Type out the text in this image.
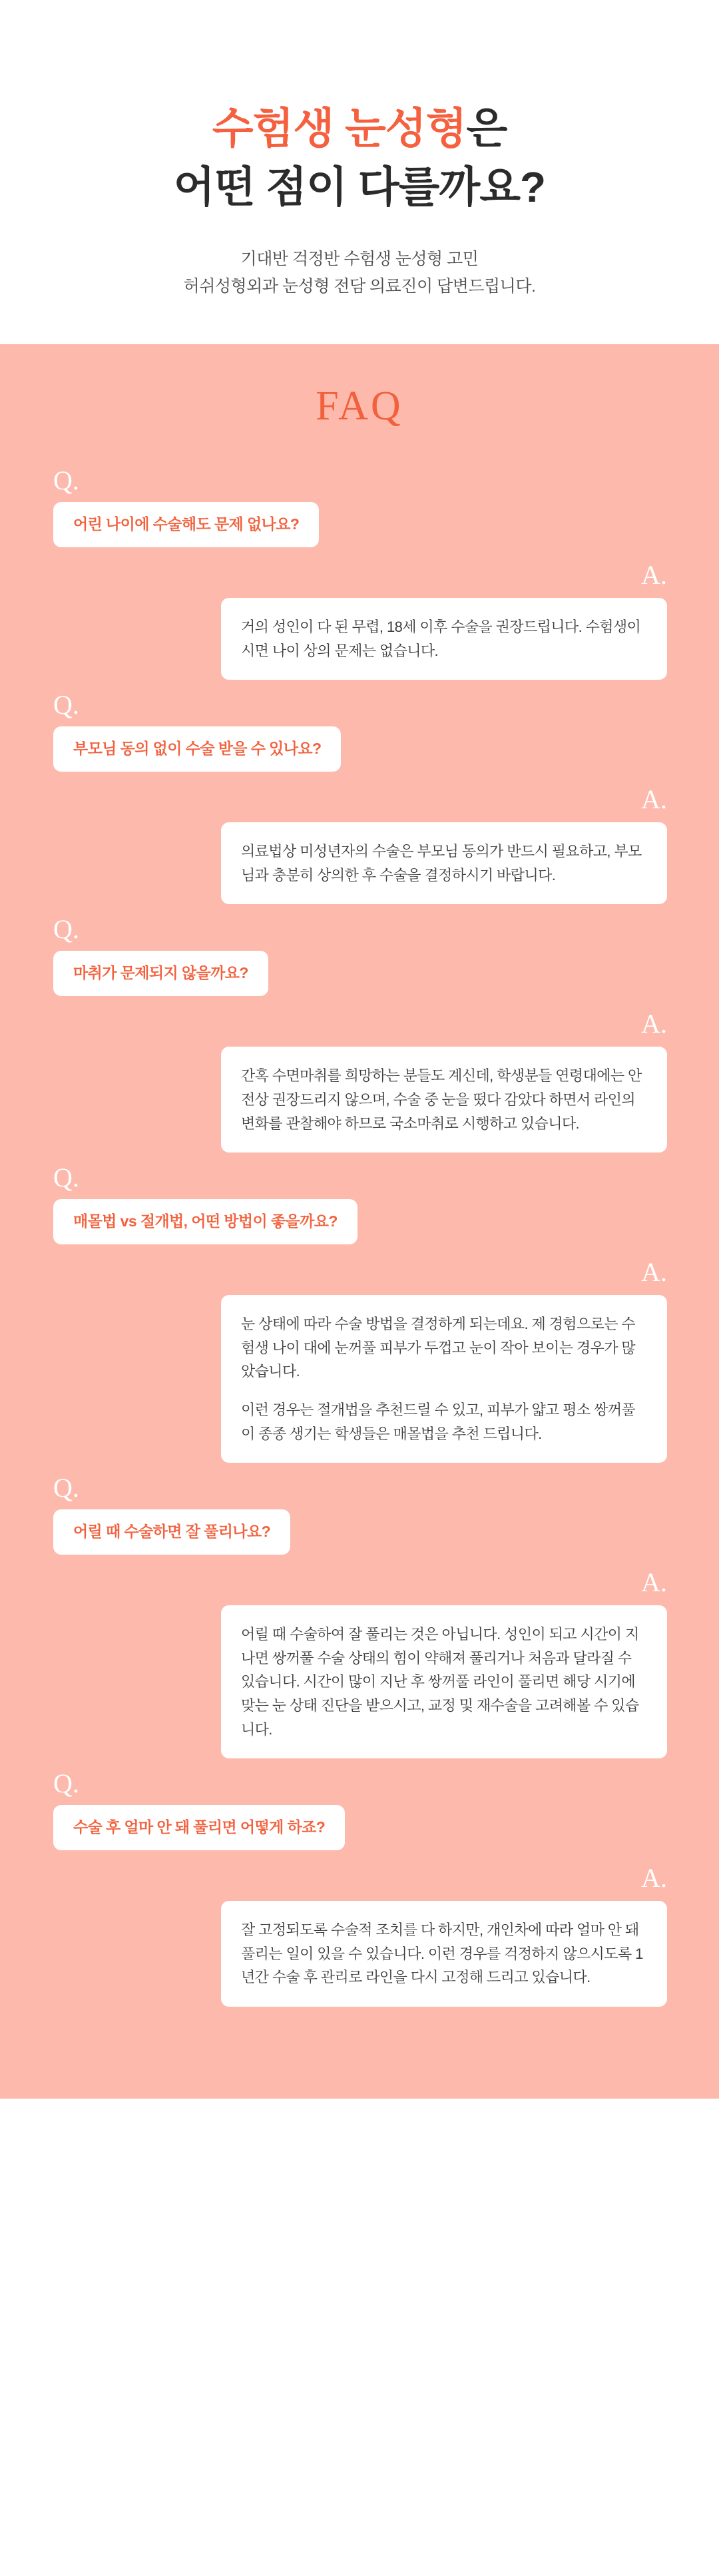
수험생 눈성형은
어떤 점이 다를까요?
기대반 걱정반 수험생 눈성형 고민
허쉬성형외과 눈성형 전담 의료진이 답변드립니다.
FAQ
Q.
어린 나이에 수술해도 문제 없나요?
A.

거의 성인이 다 된 무렵, 18세 이후 수술을 권장드립니다. 수험생이시면 나이 상의 문제는 없습니다.

Q.
부모님 동의 없이 수술 받을 수 있나요?
A.

의료법상 미성년자의 수술은 부모님 동의가 반드시 필요하고, 부모님과 충분히 상의한 후 수술을 결정하시기 바랍니다.

Q.
마취가 문제되지 않을까요?
A.

간혹 수면마취를 희망하는 분들도 계신데, 학생분들 연령대에는 안전상 권장드리지 않으며, 수술 중 눈을 떴다 감았다 하면서 라인의 변화를 관찰해야 하므로 국소마취로 시행하고 있습니다.

Q.
매몰법 vs 절개법, 어떤 방법이 좋을까요?
A.

눈 상태에 따라 수술 방법을 결정하게 되는데요. 제 경험으로는 수험생 나이 대에 눈꺼풀 피부가 두껍고 눈이 작아 보이는 경우가 많았습니다.

이런 경우는 절개법을 추천드릴 수 있고, 피부가 얇고 평소 쌍꺼풀이 종종 생기는 학생들은 매몰법을 추천 드립니다.

Q.
어릴 때 수술하면 잘 풀리나요?
A.

어릴 때 수술하여 잘 풀리는 것은 아닙니다. 성인이 되고 시간이 지나면 쌍꺼풀 수술 상태의 힘이 약해져 풀리거나 처음과 달라질 수 있습니다. 시간이 많이 지난 후 쌍꺼풀 라인이 풀리면 해당 시기에 맞는 눈 상태 진단을 받으시고, 교정 및 재수술을 고려해볼 수 있습니다.

Q.
수술 후 얼마 안 돼 풀리면 어떻게 하죠?
A.

잘 고정되도록 수술적 조치를 다 하지만, 개인차에 따라 얼마 안 돼 풀리는 일이 있을 수 있습니다. 이런 경우를 걱정하지 않으시도록 1년간 수술 후 관리로 라인을 다시 고정해 드리고 있습니다.
